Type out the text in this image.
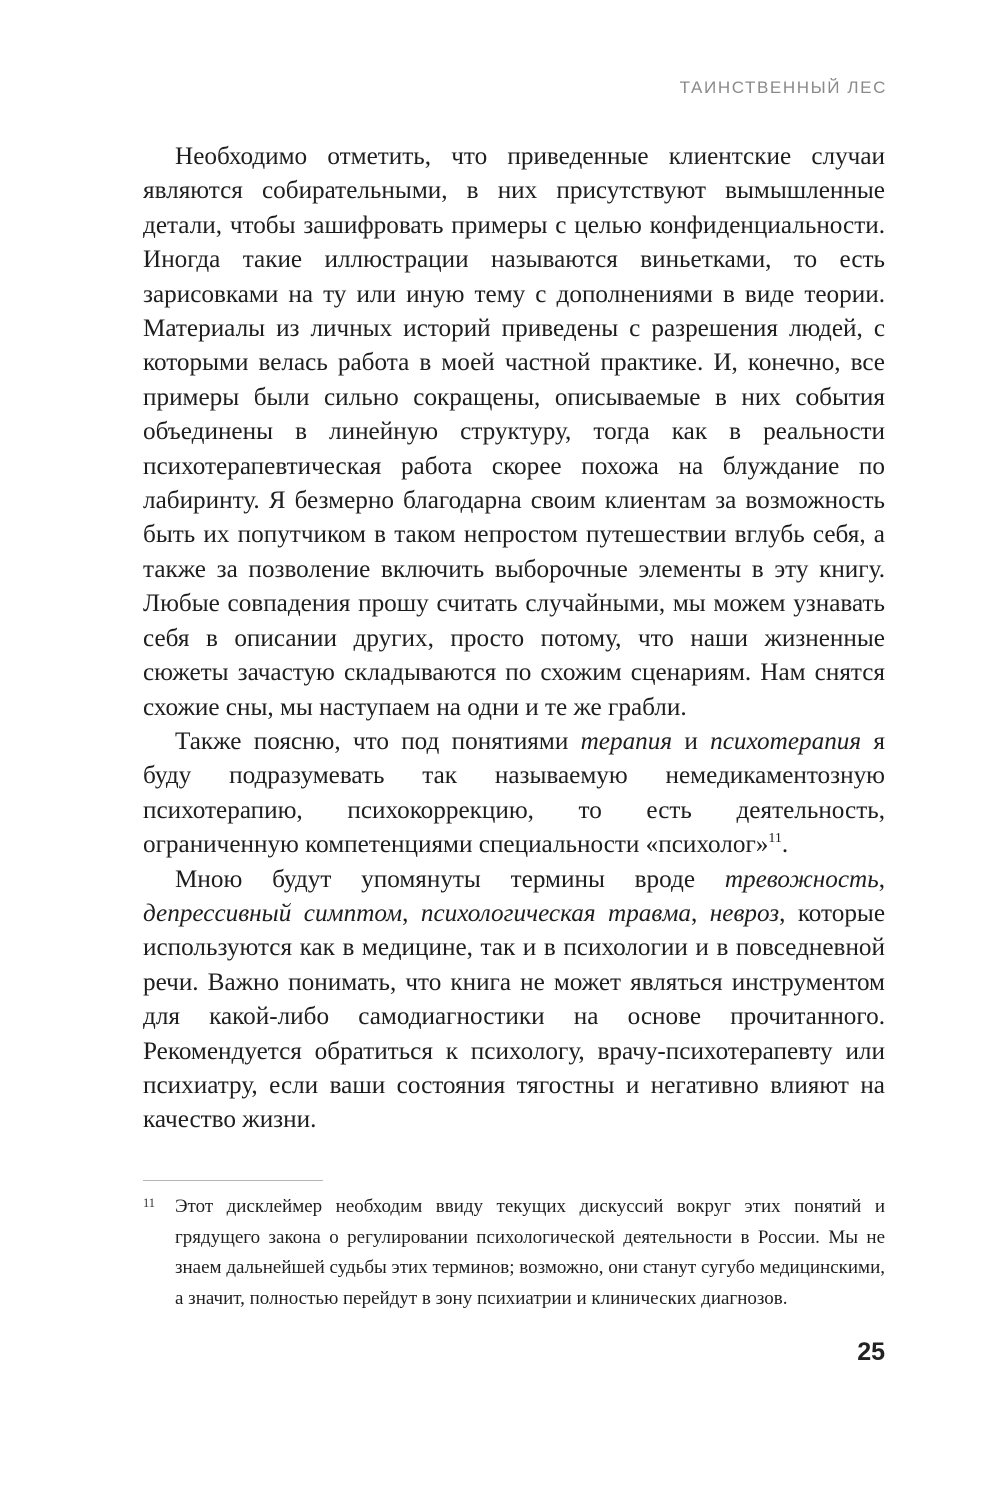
ТАИНСТВЕННЫЙ ЛЕС

Необходимо отметить, что приведенные клиентские случаи являются собирательными, в них присутствуют вымышленные детали, чтобы зашифровать примеры с целью конфиденциальности. Иногда такие иллюстрации называются виньетками, то есть зарисовками на ту или иную тему с дополнениями в виде теории. Материалы из личных историй приведены с разрешения людей, с которыми велась работа в моей частной практике. И, конечно, все примеры были сильно сокращены, описываемые в них события объединены в линейную структуру, тогда как в реальности психотерапевтическая работа скорее похожа на блуждание по лабиринту. Я безмерно благодарна своим клиентам за возможность быть их попутчиком в таком непростом путешествии вглубь себя, а также за позволение включить выборочные элементы в эту книгу. Любые совпадения прошу считать случайными, мы можем узнавать себя в описании других, просто потому, что наши жизненные сюжеты зачастую складываются по схожим сценариям. Нам снятся схожие сны, мы наступаем на одни и те же грабли.

Также поясню, что под понятиями терапия и психотерапия я буду подразумевать так называемую немедикаментозную психотерапию, психокоррекцию, то есть деятельность, ограниченную компетенциями специальности «психолог»$^{11}$.

Мною будут упомянуты термины вроде тревожность, депрессивный симптом, психологическая травма, невроз, которые используются как в медицине, так и в психологии и в повседневной речи. Важно понимать, что книга не может являться инструментом для какой-либо самодиагностики на основе прочитанного. Рекомендуется обратиться к психологу, врачу-психотерапевту или психиатру, если ваши состояния тягостны и негативно влияют на качество жизни.

11 Этот дисклеймер необходим ввиду текущих дискуссий вокруг этих понятий и грядущего закона о регулировании психологической деятельности в России. Мы не знаем дальнейшей судьбы этих терминов; возможно, они станут сугубо медицинскими, а значит, полностью перейдут в зону психиатрии и клинических диагнозов.
25
